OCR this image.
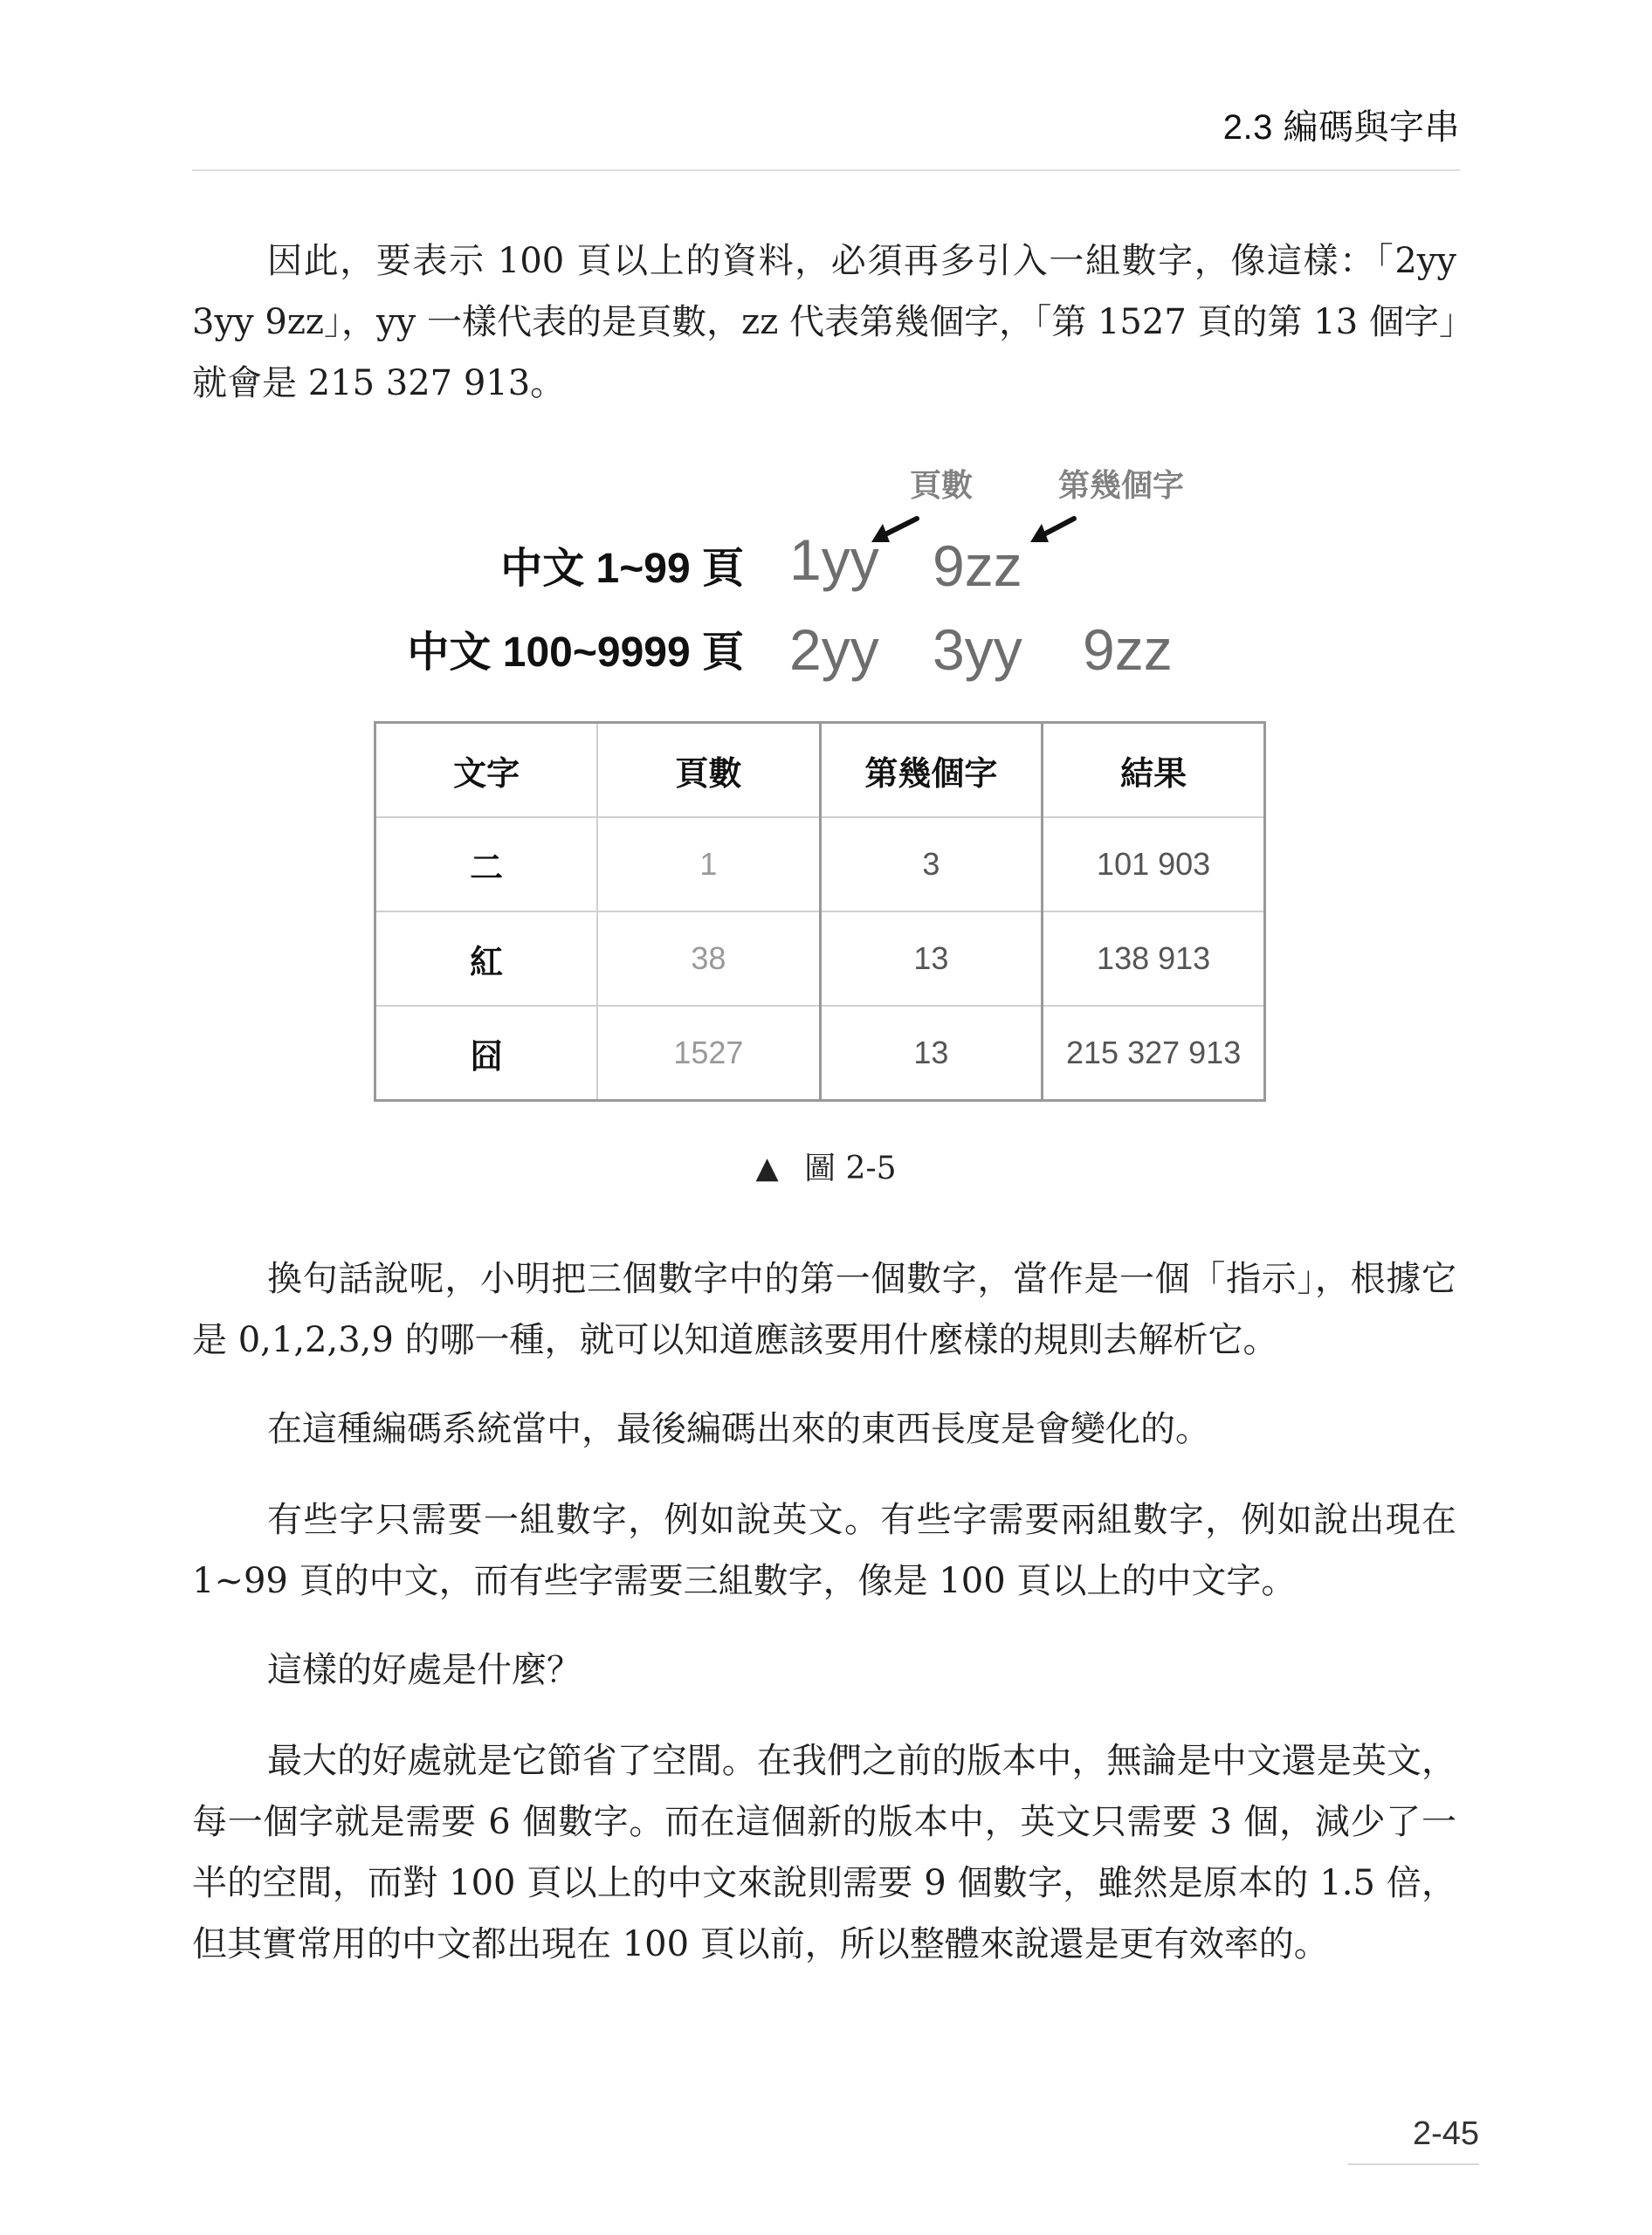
2.3 編碼與字串

因此，要表示 100 頁以上的資料，必須再多引入一組數字，像這樣：「2yy 3yy 9zz」，yy 一樣代表的是頁數，zz 代表第幾個字，「第 1527 頁的第 13 個字」就會是 215 327 913。

頁數	第幾個字
中文 1~99 頁 1yy 9zz
中文 100~9999 頁 2yy 3yy 9zz
文字	頁數	第幾個字	結果
二	1	3	101 903
紅	38	13	138 913
囧	1527	13	215 327 913
▲ 圖 2-5

換句話說呢，小明把三個數字中的第一個數字，當作是一個「指示」，根據它是 0,1,2,3,9 的哪一種，就可以知道應該要用什麼樣的規則去解析它。

在這種編碼系統當中，最後編碼出來的東西長度是會變化的。

有些字只需要一組數字，例如說英文。有些字需要兩組數字，例如說出現在 1~99 頁的中文，而有些字需要三組數字，像是 100 頁以上的中文字。

這樣的好處是什麼？

最大的好處就是它節省了空間。在我們之前的版本中，無論是中文還是英文，每一個字就是需要 6 個數字。而在這個新的版本中，英文只需要 3 個，減少了一半的空間，而對 100 頁以上的中文來說則需要 9 個數字，雖然是原本的 1.5 倍，但其實常用的中文都出現在 100 頁以前，所以整體來說還是更有效率的。

2-45
